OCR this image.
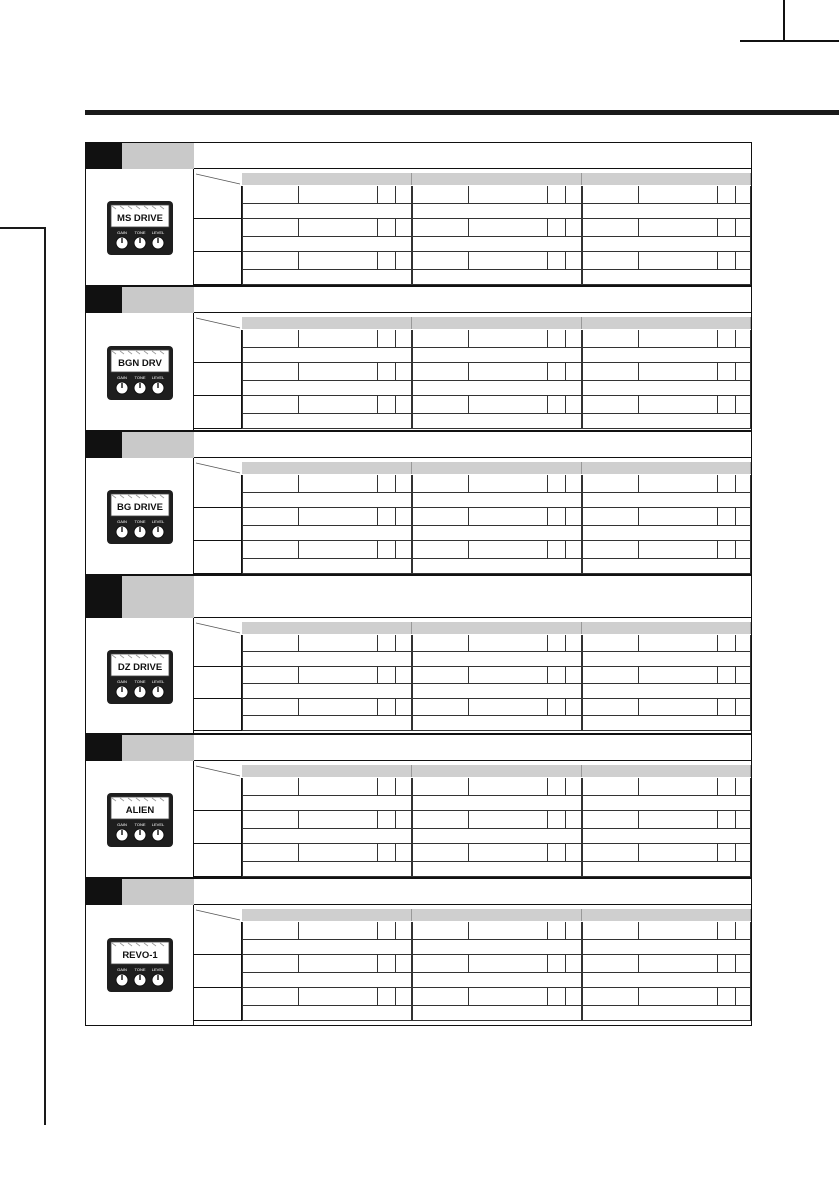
MS DRIVE
GAIN TONE LEVEL
BGN DRV
GAIN TONE LEVEL
BG DRIVE
GAIN TONE LEVEL
DZ DRIVE
GAIN TONE LEVEL
ALIEN
GAIN TONE LEVEL
REVO-1
GAIN TONE LEVEL
